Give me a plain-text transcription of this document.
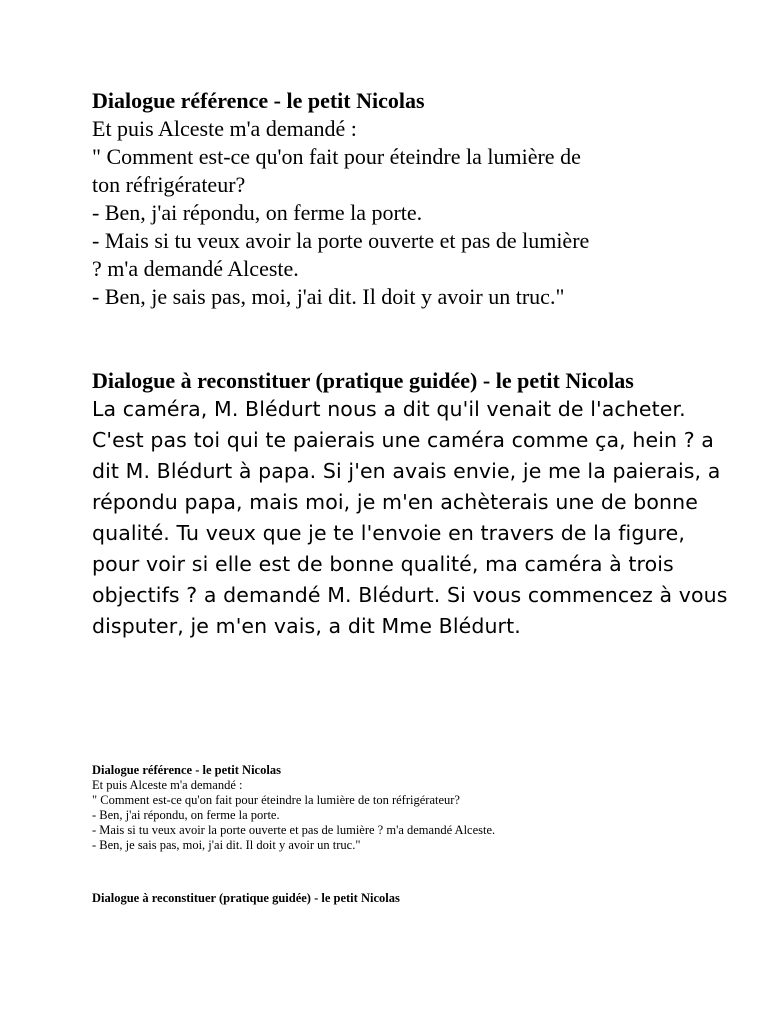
Dialogue référence - le petit Nicolas

Et puis Alceste m'a demandé :

" Comment est-ce qu'on fait pour éteindre la lumière de

ton réfrigérateur?

- Ben, j'ai répondu, on ferme la porte.

- Mais si tu veux avoir la porte ouverte et pas de lumière

? m'a demandé Alceste.

- Ben, je sais pas, moi, j'ai dit. Il doit y avoir un truc."

Dialogue à reconstituer (pratique guidée) - le petit Nicolas

La caméra, M. Blédurt nous a dit qu'il venait de l'acheter. C'est pas toi qui te paierais une caméra comme ça, hein ? a dit M. Blédurt à papa. Si j'en avais envie, je me la paierais, a répondu papa, mais moi, je m'en achèterais une de bonne qualité. Tu veux que je te l'envoie en travers de la figure, pour voir si elle est de bonne qualité, ma caméra à trois objectifs ? a demandé M. Blédurt. Si vous commencez à vous disputer, je m'en vais, a dit Mme Blédurt.

Dialogue référence - le petit Nicolas

Et puis Alceste m'a demandé :

" Comment est-ce qu'on fait pour éteindre la lumière de ton réfrigérateur?

- Ben, j'ai répondu, on ferme la porte.

- Mais si tu veux avoir la porte ouverte et pas de lumière ? m'a demandé Alceste.

- Ben, je sais pas, moi, j'ai dit. Il doit y avoir un truc."

Dialogue à reconstituer (pratique guidée) - le petit Nicolas
